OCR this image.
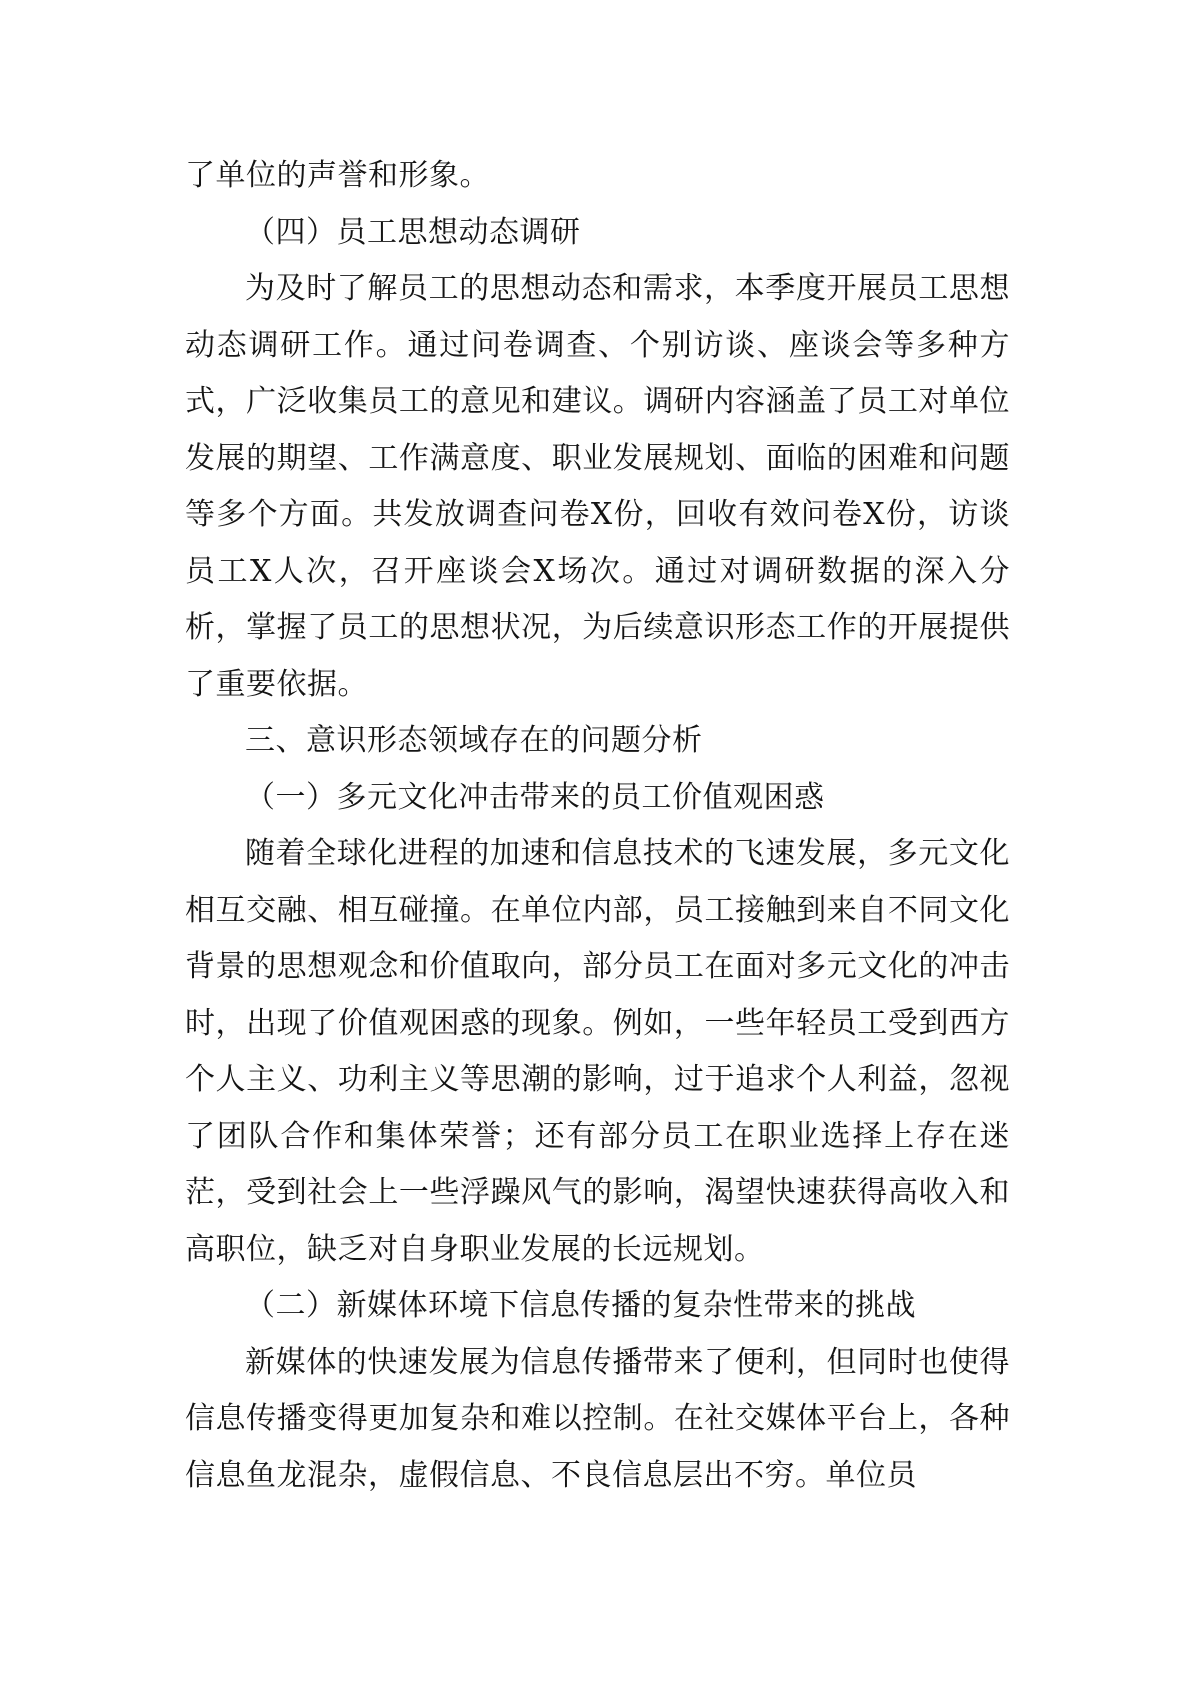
了单位的声誉和形象。

（四）员工思想动态调研

为及时了解员工的思想动态和需求，本季度开展员工思想动态调研工作。通过问卷调查、个别访谈、座谈会等多种方式，广泛收集员工的意见和建议。调研内容涵盖了员工对单位发展的期望、工作满意度、职业发展规划、面临的困难和问题等多个方面。共发放调查问卷X份，回收有效问卷X份，访谈员工X人次，召开座谈会X场次。通过对调研数据的深入分析，掌握了员工的思想状况，为后续意识形态工作的开展提供了重要依据。

三、意识形态领域存在的问题分析

（一）多元文化冲击带来的员工价值观困惑

随着全球化进程的加速和信息技术的飞速发展，多元文化相互交融、相互碰撞。在单位内部，员工接触到来自不同文化背景的思想观念和价值取向，部分员工在面对多元文化的冲击时，出现了价值观困惑的现象。例如，一些年轻员工受到西方个人主义、功利主义等思潮的影响，过于追求个人利益，忽视了团队合作和集体荣誉；还有部分员工在职业选择上存在迷茫，受到社会上一些浮躁风气的影响，渴望快速获得高收入和高职位，缺乏对自身职业发展的长远规划。

（二）新媒体环境下信息传播的复杂性带来的挑战

新媒体的快速发展为信息传播带来了便利，但同时也使得信息传播变得更加复杂和难以控制。在社交媒体平台上，各种信息鱼龙混杂，虚假信息、不良信息层出不穷。单位员
